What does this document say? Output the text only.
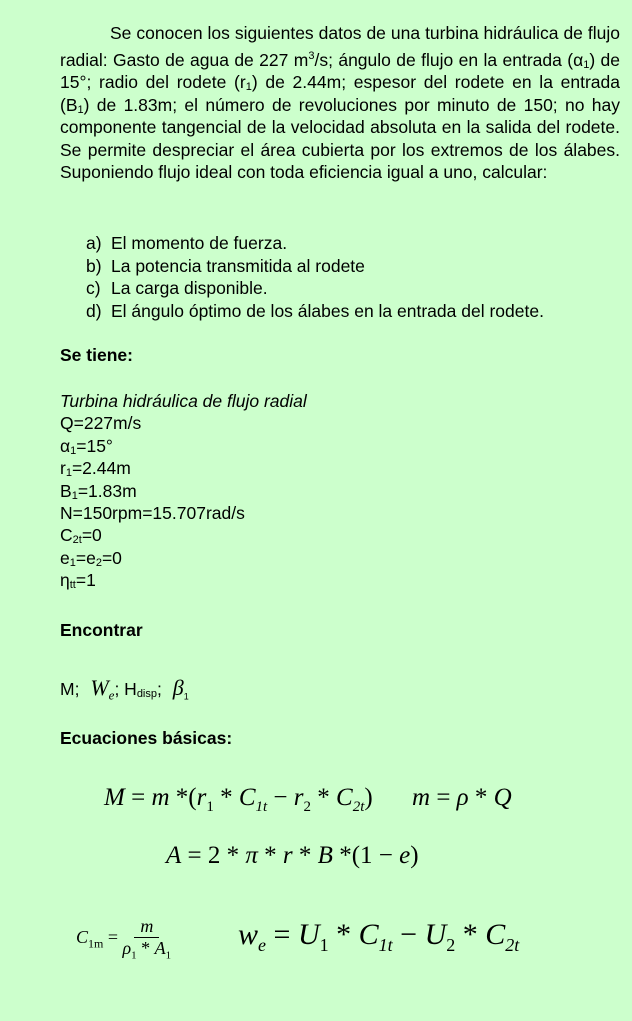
Se conocen los siguientes datos de una turbina hidráulica de flujo radial: Gasto de agua de 227 $m^3/s$; ángulo de flujo en la entrada $(\alpha_1)$ de 15°; radio del rodete $(r_1)$ de 2.44m; espesor del rodete en la entrada $(B_1)$ de 1.83m; el número de revoluciones por minuto de 150; no hay componente tangencial de la velocidad absoluta en la salida del rodete. Se permite despreciar el área cubierta por los extremos de los álabes. Suponiendo flujo ideal con toda eficiencia igual a uno, calcular:

a) El momento de fuerza.
b) La potencia transmitida al rodete
c) La carga disponible.
d) El ángulo óptimo de los álabes en la entrada del rodete.
Se tiene:
Turbina hidráulica de flujo radial
Q=227m/s
$\alpha_1=15^\circ$
$r_1=2.44m$
$B_1=1.83m$
N=150rpm=15.707rad/s
$C_{2t}=0$
$e_1=e_2=0$
$\eta_{tt}=1$
Encontrar
M; $W_e$; $H_{disp}$; $\beta_1$
Ecuaciones básicas:
M = m $*(r_1 * C_{1t} - r_2 * C_{2t}) m = \rho * Q$
A = 2 * π * r * B *(1 − e)
$C_{1m} = \frac{m}{\rho_1 * A_1} w_e = U_1 * C_{1t} - U_2 * C_{2t}$
